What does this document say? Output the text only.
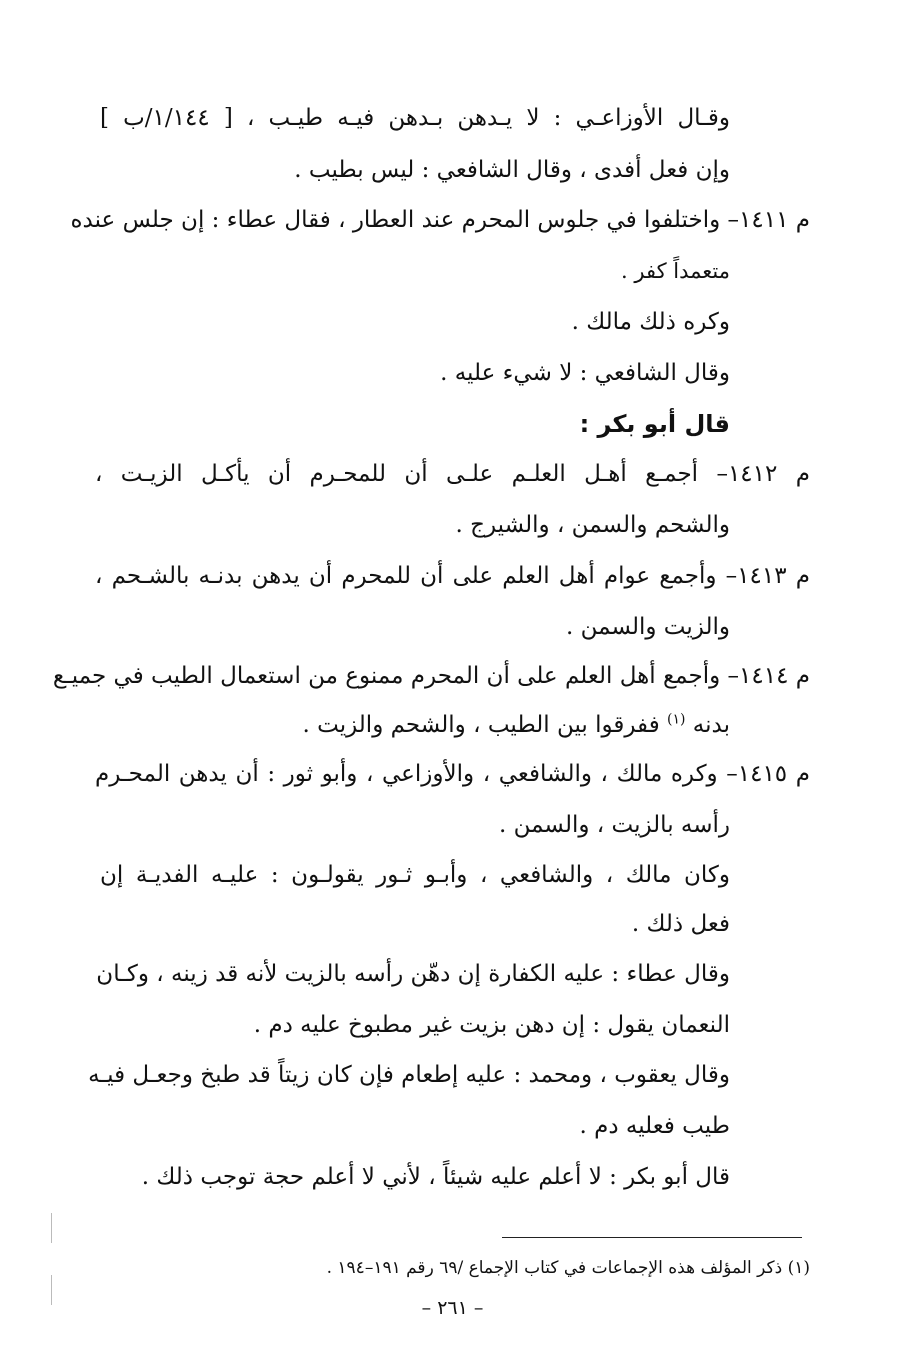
وقـال الأوزاعـي : لا يـدهن بـدهن فيـه طيـب ، [ ١/١٤٤/ب ]
وإن فعل أفدى ، وقال الشافعي : ليس بطيب .
م ١٤١١– واختلفوا في جلوس المحرم عند العطار ، فقال عطاء : إن جلس عنده
متعمداً كفر .
وكره ذلك مالك .
وقال الشافعي : لا شيء عليه .
قال أبو بكر :
م ١٤١٢– أجمـع أهـل العلـم علـى أن للمحـرم أن يأكـل الزيـت ،
والشحم والسمن ، والشيرج .
م ١٤١٣– وأجمع عوام أهل العلم على أن للمحرم أن يدهن بدنـه بالشـحم ،
والزيت والسمن .
م ١٤١٤– وأجمع أهل العلم على أن المحرم ممنوع من استعمال الطيب في جميـع
بدنه $^{(١)}$ ففرقوا بين الطيب ، والشحم والزيت .
م ١٤١٥– وكره مالك ، والشافعي ، والأوزاعي ، وأبو ثور : أن يدهن المحـرم
رأسه بالزيت ، والسمن .
وكان مالك ، والشافعي ، وأبـو ثـور يقولـون : عليـه الفديـة إن
فعل ذلك .
وقال عطاء : عليه الكفارة إن دهّن رأسه بالزيت لأنه قد زينه ، وكـان
النعمان يقول : إن دهن بزيت غير مطبوخ عليه دم .
وقال يعقوب ، ومحمد : عليه إطعام فإن كان زيتاً قد طبخ وجعـل فيـه
طيب فعليه دم .
قال أبو بكر : لا أعلم عليه شيئاً ، لأني لا أعلم حجة توجب ذلك .
(١) ذكر المؤلف هذه الإجماعات في كتاب الإجماع /٦٩ رقم ١٩١–١٩٤ .
– ٢٦١ –
